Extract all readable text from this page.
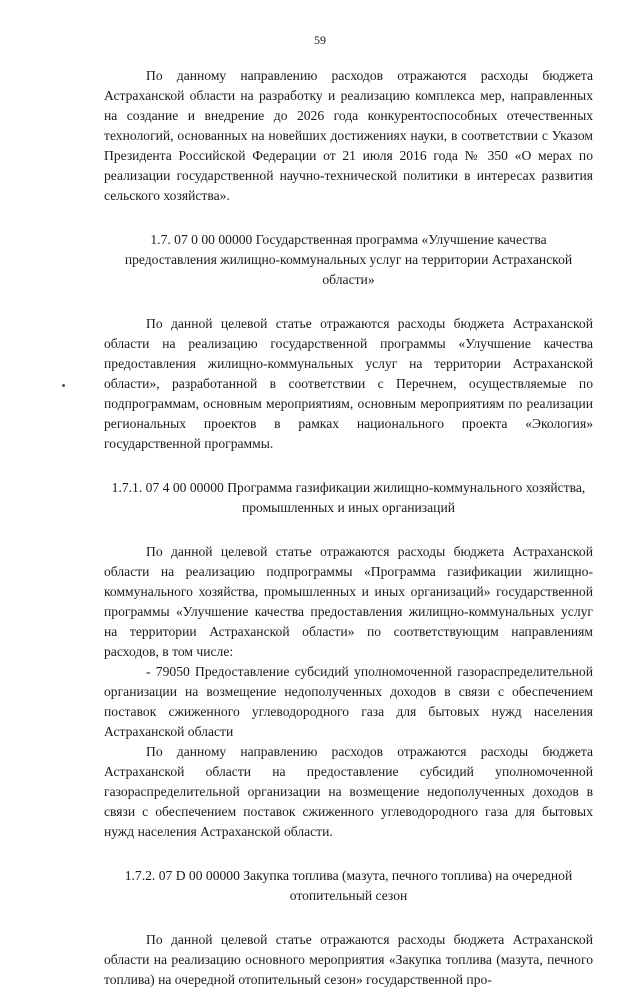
59

По данному направлению расходов отражаются расходы бюджета Астраханской области на разработку и реализацию комплекса мер, направленных на создание и внедрение до 2026 года конкурентоспособных отечественных технологий, основанных на новейших достижениях науки, в соответствии с Указом Президента Российской Федерации от 21 июля 2016 года № 350 «О мерах по реализации государственной научно-технической политики в интересах развития сельского хозяйства».

1.7. 07 0 00 00000 Государственная программа «Улучшение качества предоставления жилищно-коммунальных услуг на территории Астраханской области»

По данной целевой статье отражаются расходы бюджета Астраханской области на реализацию государственной программы «Улучшение качества предоставления жилищно-коммунальных услуг на территории Астраханской области», разработанной в соответствии с Перечнем, осуществляемые по подпрограммам, основным мероприятиям, основным мероприятиям по реализации региональных проектов в рамках национального проекта «Экология» государственной программы.

1.7.1. 07 4 00 00000 Программа газификации жилищно-коммунального хозяйства, промышленных и иных организаций

По данной целевой статье отражаются расходы бюджета Астраханской области на реализацию подпрограммы «Программа газификации жилищно-коммунального хозяйства, промышленных и иных организаций» государственной программы «Улучшение качества предоставления жилищно-коммунальных услуг на территории Астраханской области» по соответствующим направлениям расходов, в том числе:

- 79050 Предоставление субсидий уполномоченной газораспределительной организации на возмещение недополученных доходов в связи с обеспечением поставок сжиженного углеводородного газа для бытовых нужд населения Астраханской области

По данному направлению расходов отражаются расходы бюджета Астраханской области на предоставление субсидий уполномоченной газораспределительной организации на возмещение недополученных доходов в связи с обеспечением поставок сжиженного углеводородного газа для бытовых нужд населения Астраханской области.

1.7.2. 07 D 00 00000 Закупка топлива (мазута, печного топлива) на очередной отопительный сезон

По данной целевой статье отражаются расходы бюджета Астраханской области на реализацию основного мероприятия «Закупка топлива (мазута, печного топлива) на очередной отопительный сезон» государственной про-
